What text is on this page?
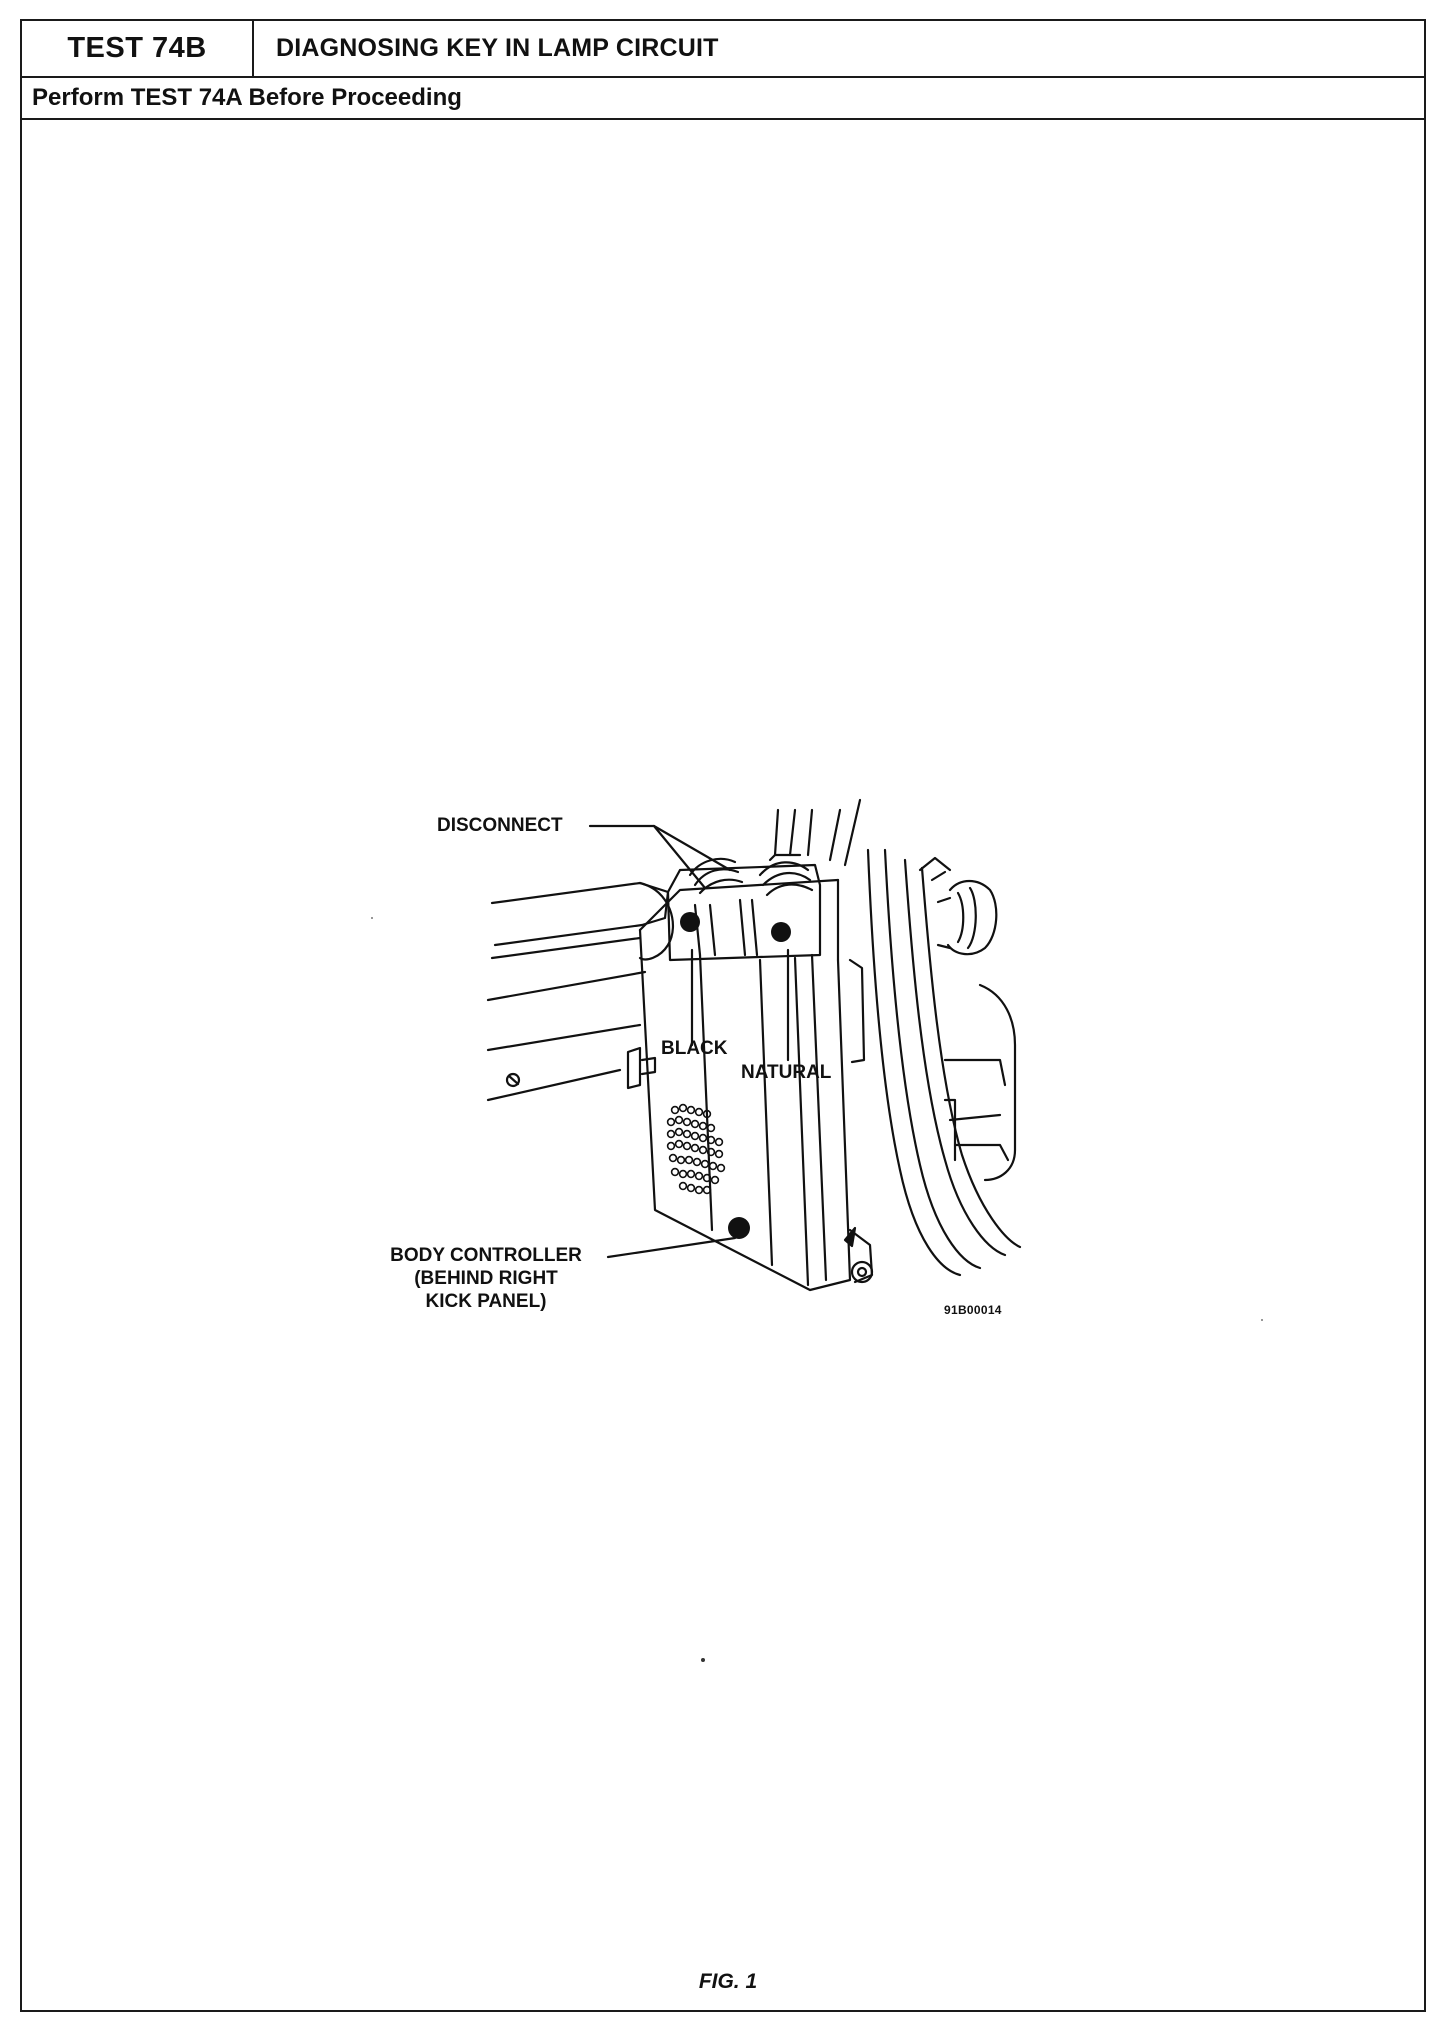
TEST 74B	DIAGNOSING KEY IN LAMP CIRCUIT
Perform TEST 74A Before Proceeding
DISCONNECT
BLACK
NATURAL
BODY CONTROLLER
(BEHIND RIGHT
KICK PANEL)	91B00014
FIG. 1
